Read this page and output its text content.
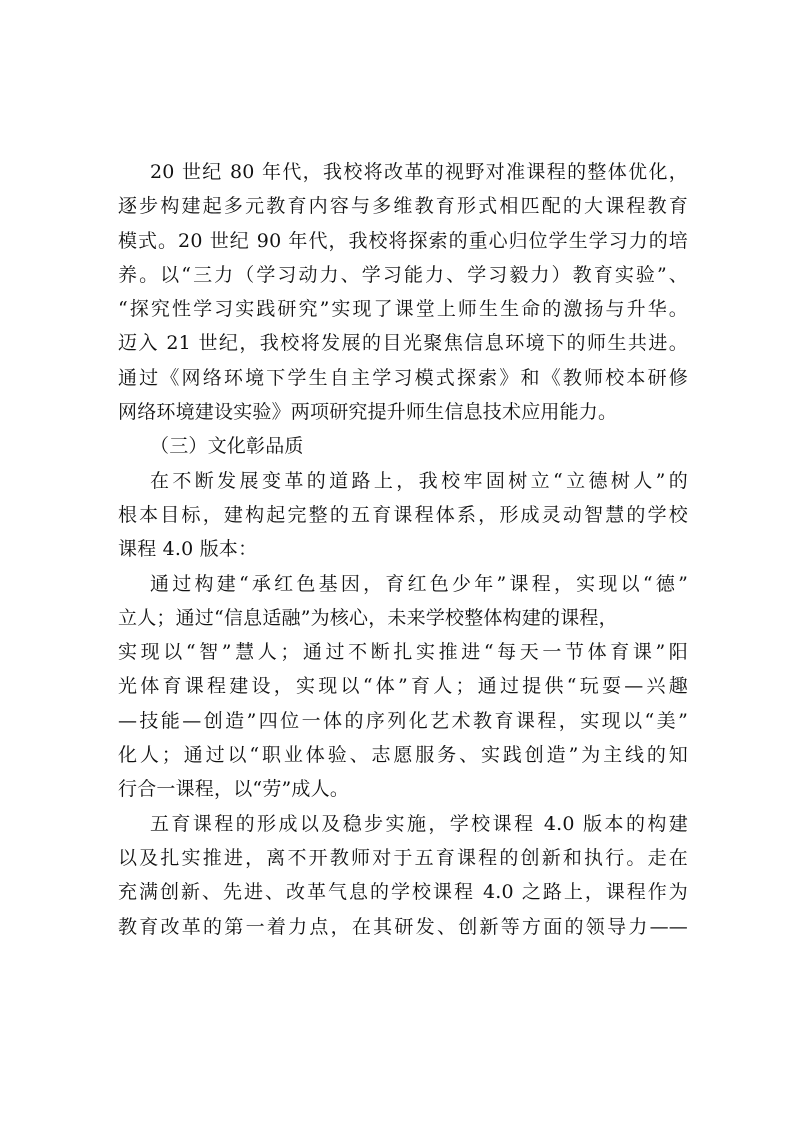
20 世纪 80 年代，我校将改革的视野对准课程的整体优化，
逐步构建起多元教育内容与多维教育形式相匹配的大课程教育
模式。20 世纪 90 年代，我校将探索的重心归位学生学习力的培
养。以“三力（学习动力、学习能力、学习毅力）教育实验”、
“探究性学习实践研究”实现了课堂上师生生命的激扬与升华。
迈入 21 世纪，我校将发展的目光聚焦信息环境下的师生共进。
通过《网络环境下学生自主学习模式探索》和《教师校本研修
网络环境建设实验》两项研究提升师生信息技术应用能力。
（三）文化彰品质
在不断发展变革的道路上，我校牢固树立“立德树人”的
根本目标，建构起完整的五育课程体系，形成灵动智慧的学校
课程 4.0 版本：
通过构建“承红色基因，育红色少年”课程，实现以“德”
立人；通过“信息适融”为核心，未来学校整体构建的课程，
实现以“智”慧人；通过不断扎实推进“每天一节体育课”阳
光体育课程建设，实现以“体”育人；通过提供“玩耍—兴趣
—技能—创造”四位一体的序列化艺术教育课程，实现以“美”
化人；通过以“职业体验、志愿服务、实践创造”为主线的知
行合一课程，以“劳”成人。
五育课程的形成以及稳步实施，学校课程 4.0 版本的构建
以及扎实推进，离不开教师对于五育课程的创新和执行。走在
充满创新、先进、改革气息的学校课程 4.0 之路上，课程作为
教育改革的第一着力点，在其研发、创新等方面的领导力——
